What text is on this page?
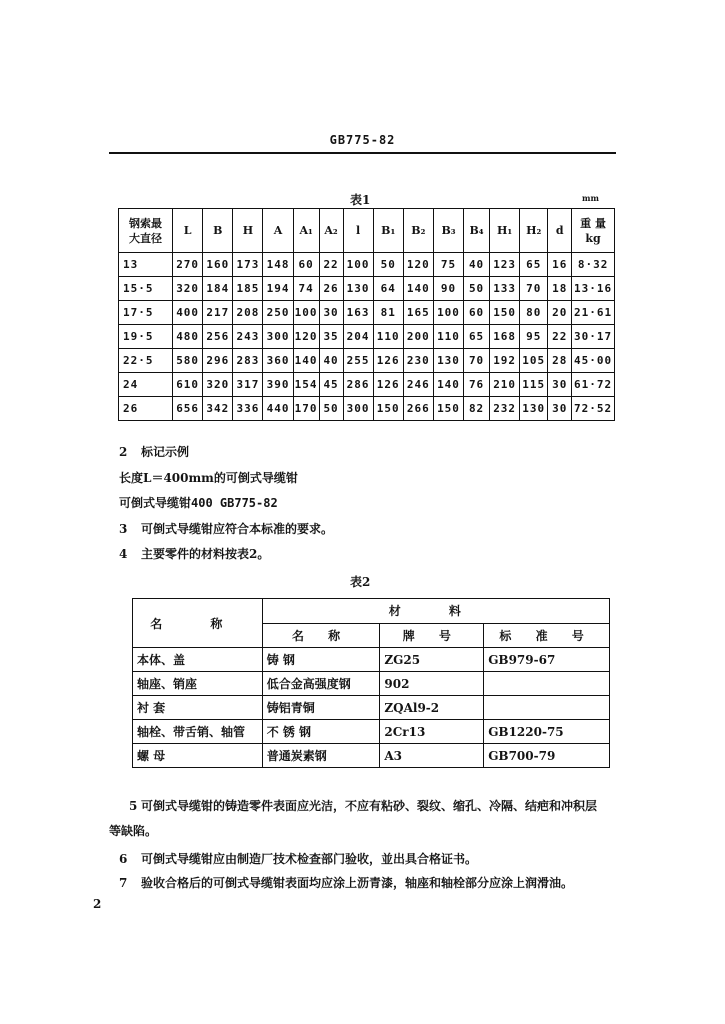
GB775-82
表1	mm
钢索最
大直径	L	B	H	A	A₁	A₂	l	B₁	B₂	B₃	B₄	H₁	H₂	d	重 量
kg

13	270	160	173	148	60	22	100	50	120	75	40	123	65	16	8·32
15·5	320	184	185	194	74	26	130	64	140	90	50	133	70	18	13·16
17·5	400	217	208	250	100	30	163	81	165	100	60	150	80	20	21·61
19·5	480	256	243	300	120	35	204	110	200	110	65	168	95	22	30·17
22·5	580	296	283	360	140	40	255	126	230	130	70	192	105	28	45·00
24	610	320	317	390	154	45	286	126	246	140	76	210	115	30	61·72
26	656	342	336	440	170	50	300	150	266	150	82	232	130	30	72·52
2 标记示例
长度L＝400mm的可倒式导缆钳
可倒式导缆钳400 GB775-82
3 可倒式导缆钳应符合本标准的要求。
4 主要零件的材料按表2。
表2
名 称	材 料		
	名 称	牌 号	标 准 号
本体、盖	铸 钢	ZG25	GB979-67
轴座、销座	低合金高强度钢	902	
衬 套	铸铝青铜	ZQAl9-2	
轴栓、带舌销、轴管	不 锈 钢	2Cr13	GB1220-75
螺 母	普通炭素钢	A3	GB700-79
5 可倒式导缆钳的铸造零件表面应光洁，不应有粘砂、裂纹、缩孔、冷隔、结疤和冲积层等缺陷。
6 可倒式导缆钳应由制造厂技术检查部门验收，並出具合格证书。
7 验收合格后的可倒式导缆钳表面均应涂上沥青漆，轴座和轴栓部分应涂上润滑油。
2
